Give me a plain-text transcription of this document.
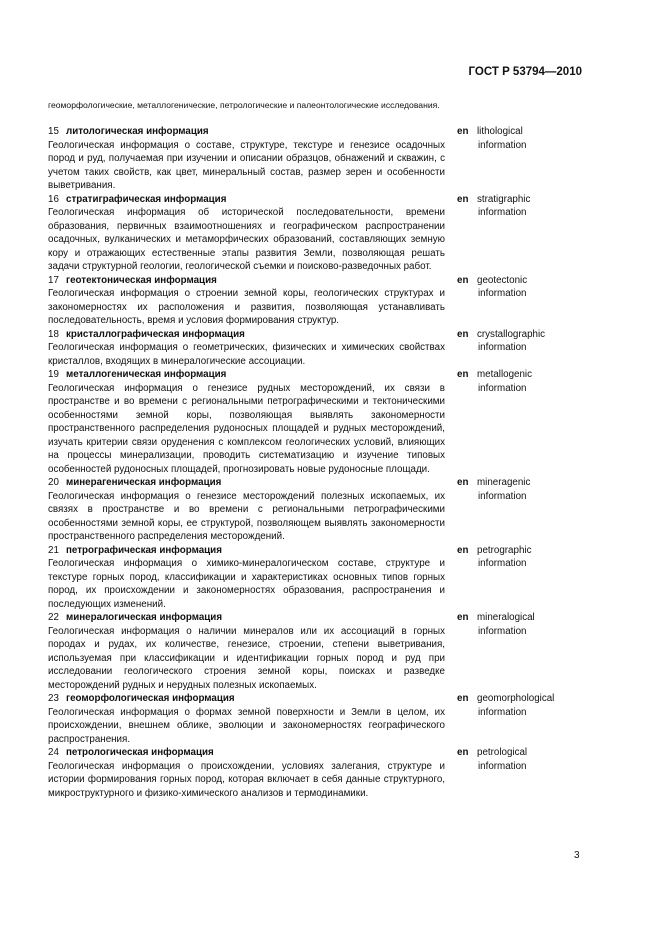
ГОСТ Р 53794—2010
геоморфологические, металлогенические, петрологические и палеонтологические исследования.
15 литологическая информация
Геологическая информация о составе, структуре, текстуре и генезисе осадочных пород и руд, получаемая при изучении и описании образцов, обнажений и скважин, с учетом таких свойств, как цвет, минеральный состав, размер зерен и особенности выветривания.
en lithological
information
16 стратиграфическая информация
Геологическая информация об исторической последовательности, времени образования, первичных взаимоотношениях и географическом распространении осадочных, вулканических и метаморфических образований, составляющих земную кору и отражающих естественные этапы развития Земли, позволяющая решать задачи структурной геологии, геологической съемки и поисково-разведочных работ.
en stratigraphic
information
17 геотектоническая информация
Геологическая информация о строении земной коры, геологических структурах и закономерностях их расположения и развития, позволяющая устанавливать последовательность, время и условия формирования структур.
en geotectonic
information
18 кристаллографическая информация
Геологическая информация о геометрических, физических и химических свойствах кристаллов, входящих в минералогические ассоциации.
en crystallographic
information
19 металлогеническая информация
Геологическая информация о генезисе рудных месторождений, их связи в пространстве и во времени с региональными петрографическими и тектоническими особенностями земной коры, позволяющая выявлять закономерности пространственного распределения рудоносных площадей и рудных месторождений, изучать критерии связи оруденения с комплексом геологических условий, влияющих на процессы минерализации, проводить систематизацию и изучение типовых особенностей рудоносных площадей, прогнозировать новые рудоносные площади.
en metallogenic
information
20 минерагеническая информация
Геологическая информация о генезисе месторождений полезных ископаемых, их связях в пространстве и во времени с региональными петрографическими особенностями земной коры, ее структурой, позволяющем выявлять закономерности пространственного распределения месторождений.
en mineragenic
information
21 петрографическая информация
Геологическая информация о химико-минералогическом составе, структуре и текстуре горных пород, классификации и характеристиках основных типов горных пород, их происхождении и закономерностях образования, распространения и последующих изменений.
en petrographic
information
22 минералогическая информация
Геологическая информация о наличии минералов или их ассоциаций в горных породах и рудах, их количестве, генезисе, строении, степени выветривания, используемая при классификации и идентификации горных пород и руд при исследовании геологического строения земной коры, поисках и разведке месторождений рудных и нерудных полезных ископаемых.
en mineralogical
information
23 геоморфологическая информация
Геологическая информация о формах земной поверхности и Земли в целом, их происхождении, внешнем облике, эволюции и закономерностях географического распространения.
en geomorphological
information
24 петрологическая информация
Геологическая информация о происхождении, условиях залегания, структуре и истории формирования горных пород, которая включает в себя данные структурного, микроструктурного и физико-химического анализов и термодинамики.
en petrological
information
3
